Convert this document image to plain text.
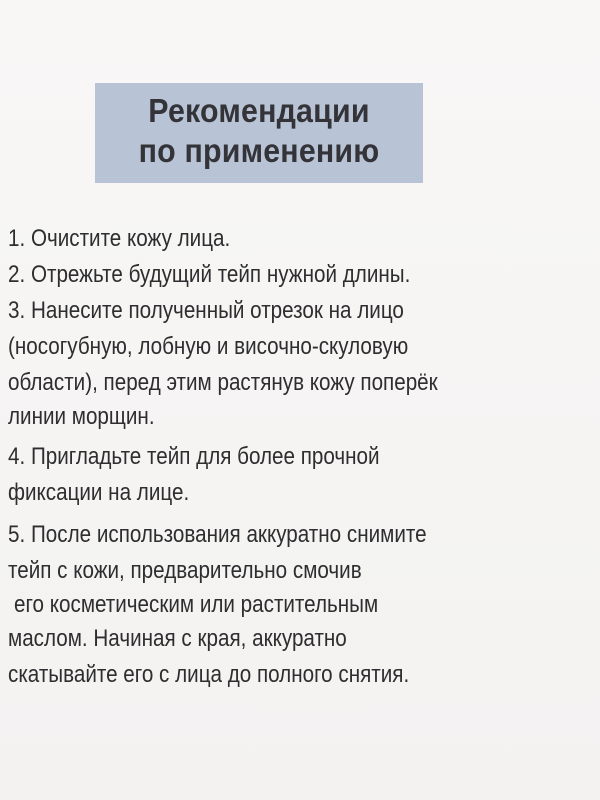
Рекомендации
по применению
1. Очистите кожу лица.
2. Отрежьте будущий тейп нужной длины.
3. Нанесите полученный отрезок на лицо
(носогубную, лобную и височно-скуловую
области), перед этим растянув кожу поперёк
линии морщин.
4. Пригладьте тейп для более прочной
фиксации на лице.
5. После использования аккуратно снимите
тейп с кожи, предварительно смочив
его косметическим или растительным
маслом. Начиная с края, аккуратно
скатывайте его с лица до полного снятия.
